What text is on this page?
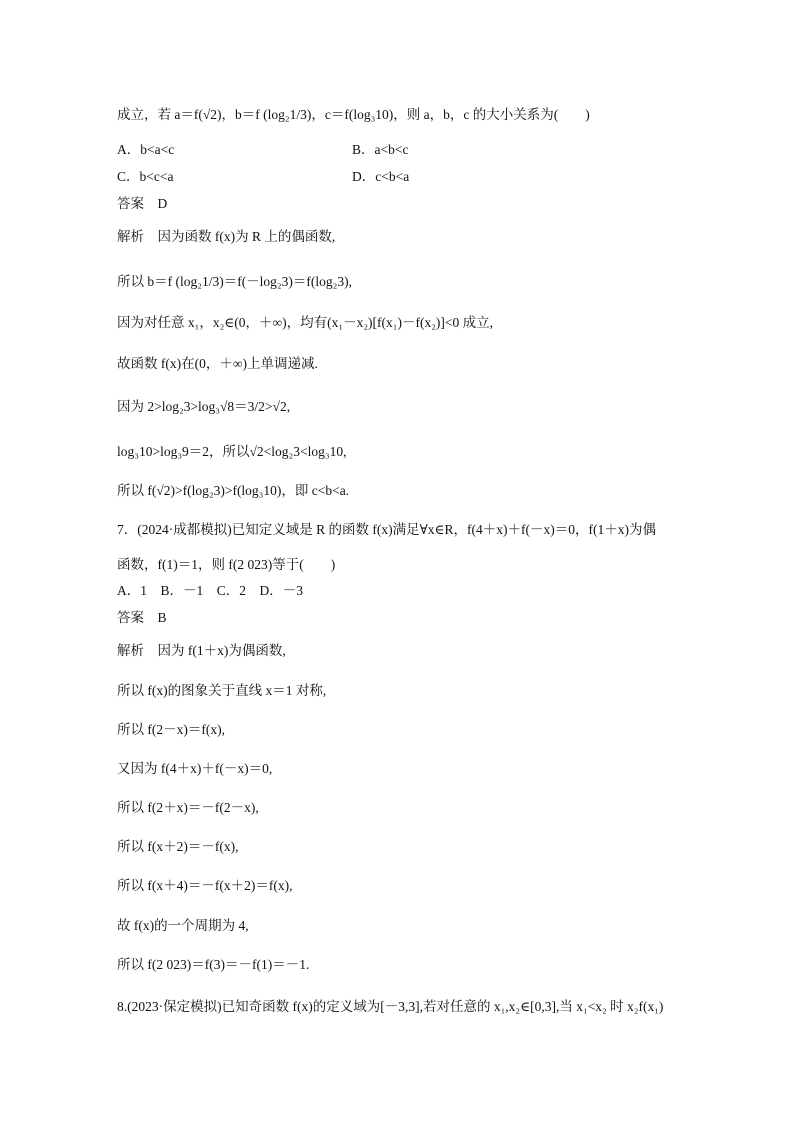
成立，若 a＝f(√2)，b＝f (log₂1/3)，c＝f(log₃10)，则 a，b，c 的大小关系为(　　)
A．b<a<c	B．a<b<c
C．b<c<a	D．c<b<a
答案　D
解析　因为函数 f(x)为 R 上的偶函数,
所以 b＝f (log₂1/3)＝f(－log₂3)＝f(log₂3),
因为对任意 x₁，x₂∈(0，＋∞)，均有(x₁－x₂)[f(x₁)－f(x₂)]<0 成立,
故函数 f(x)在(0，＋∞)上单调递减.
因为 2>log₂3>log₃√8＝3/2>√2,
log₃10>log₃9＝2，所以√2<log₂3<log₃10,
所以 f(√2)>f(log₂3)>f(log₃10)，即 c<b<a.
7．(2024·成都模拟)已知定义域是 R 的函数 f(x)满足∀x∈R，f(4＋x)＋f(－x)＝0，f(1＋x)为偶
函数，f(1)＝1，则 f(2 023)等于(　　)
A．1　B．－1　C．2　D．－3
答案　B
解析　因为 f(1＋x)为偶函数,
所以 f(x)的图象关于直线 x＝1 对称,
所以 f(2－x)＝f(x),
又因为 f(4＋x)＋f(－x)＝0,
所以 f(2＋x)＝－f(2－x),
所以 f(x＋2)＝－f(x),
所以 f(x＋4)＝－f(x＋2)＝f(x),
故 f(x)的一个周期为 4,
所以 f(2 023)＝f(3)＝－f(1)＝－1.
8.(2023·保定模拟)已知奇函数 f(x)的定义域为[－3,3],若对任意的 x₁,x₂∈[0,3],当 x₁<x₂ 时 x₂f(x₁)
